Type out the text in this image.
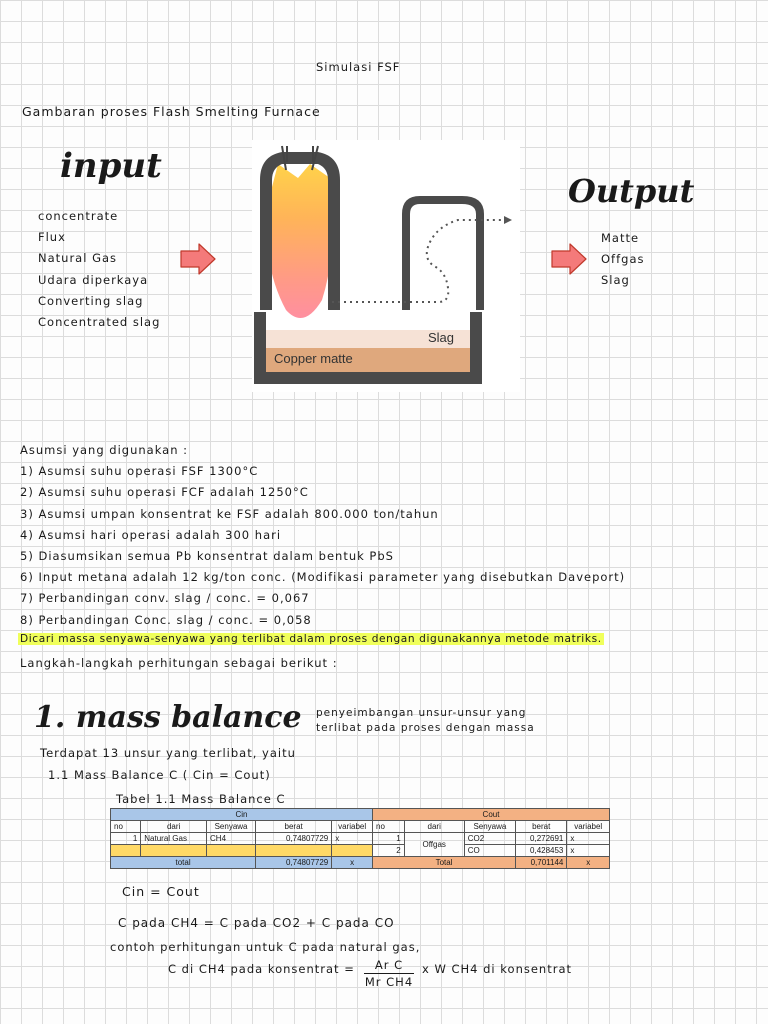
Simulasi FSF
Gambaran proses Flash Smelting Furnace
input
concentrate
Flux
Natural Gas
Udara diperkaya
Converting slag
Concentrated slag
Slag
Copper matte
Output
Matte
Offgas
Slag
Asumsi yang digunakan :
1) Asumsi suhu operasi FSF 1300°C
2) Asumsi suhu operasi FCF adalah 1250°C
3) Asumsi umpan konsentrat ke FSF adalah 800.000 ton/tahun
4) Asumsi hari operasi adalah 300 hari
5) Diasumsikan semua Pb konsentrat dalam bentuk PbS
6) Input metana adalah 12 kg/ton conc. (Modifikasi parameter yang disebutkan Daveport)
7) Perbandingan conv. slag / conc. = 0,067
8) Perbandingan Conc. slag / conc. = 0,058
Dicari massa senyawa-senyawa yang terlibat dalam proses dengan digunakannya metode matriks.
Langkah-langkah perhitungan sebagai berikut :
1. mass balance penyeimbangan unsur-unsur yang
terlibat pada proses dengan massa
Terdapat 13 unsur yang terlibat, yaitu
1.1 Mass Balance C ( Cin = Cout)
Tabel 1.1 Mass Balance C
Cin					Cout				
no	dari	Senyawa	berat	variabel	no	dari	Senyawa	berat	variabel
1	Natural Gas	CH4	0,74807729	x	1	Offgas	CO2	0,272691	x
					2		CO	0,428453	x
total			0,74807729	x	Total			0,701144	x
Cin = Cout
C pada CH4 = C pada CO2 + C pada CO
contoh perhitungan untuk C pada natural gas,
C di CH4 pada konsentrat =	Ar C
Mr CH4
x W CH4 di konsentrat
